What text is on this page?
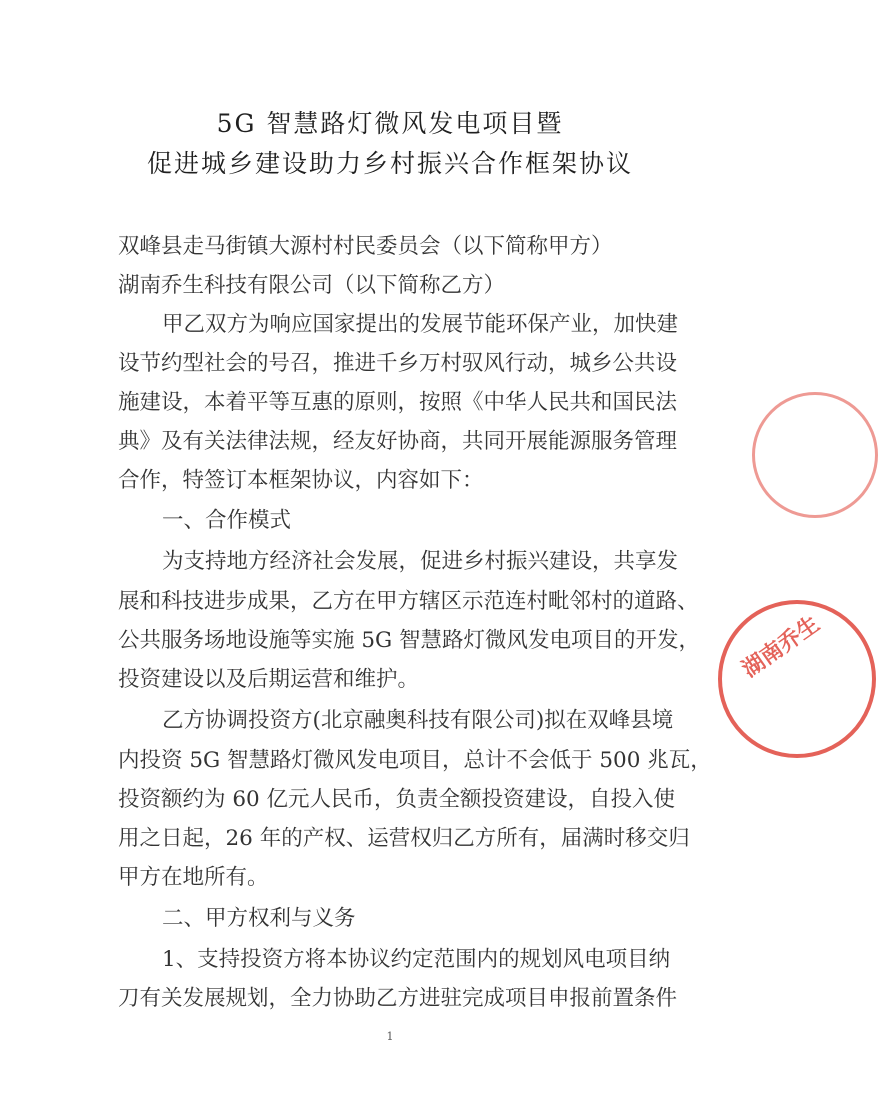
5G 智慧路灯微风发电项目暨
促进城乡建设助力乡村振兴合作框架协议
双峰县走马街镇大源村村民委员会（以下简称甲方）
湖南乔生科技有限公司（以下简称乙方）
甲乙双方为响应国家提出的发展节能环保产业，加快建
设节约型社会的号召，推进千乡万村驭风行动，城乡公共设
施建设，本着平等互惠的原则，按照《中华人民共和国民法
典》及有关法律法规，经友好协商，共同开展能源服务管理
合作，特签订本框架协议，内容如下：
一、合作模式
为支持地方经济社会发展，促进乡村振兴建设，共享发
展和科技进步成果，乙方在甲方辖区示范连村毗邻村的道路、
公共服务场地设施等实施 5G 智慧路灯微风发电项目的开发，
投资建设以及后期运营和维护。
乙方协调投资方(北京融奥科技有限公司)拟在双峰县境
内投资 5G 智慧路灯微风发电项目，总计不会低于 500 兆瓦，
投资额约为 60 亿元人民币，负责全额投资建设，自投入使
用之日起，26 年的产权、运营权归乙方所有，届满时移交归
甲方在地所有。
二、甲方权利与义务
1、支持投资方将本协议约定范围内的规划风电项目纳
刀有关发展规划，全力协助乙方进驻完成项目申报前置条件
1
湖南乔生
